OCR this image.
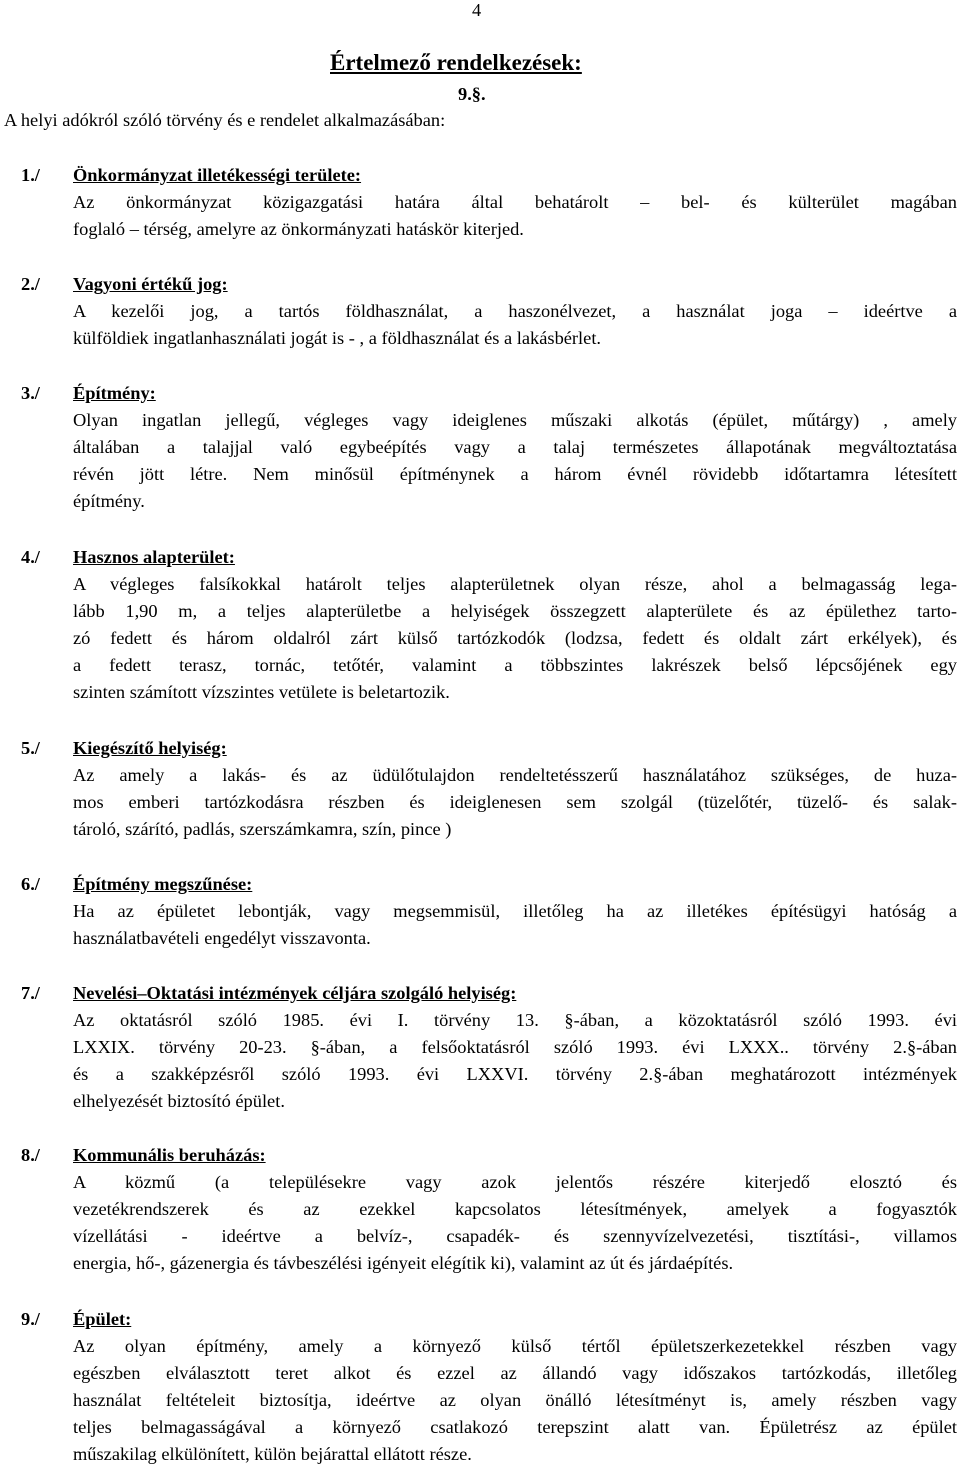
4
Értelmező rendelkezések:
9.§.
A helyi adókról szóló törvény és e rendelet alkalmazásában:
1./ Önkormányzat illetékességi területe:
Az önkormányzat közigazgatási határa által behatárolt – bel- és külterület magában
foglaló – térség, amelyre az önkormányzati hatáskör kiterjed.
2./ Vagyoni értékű jog:
A kezelői jog, a tartós földhasználat, a haszonélvezet, a használat joga – ideértve a
külföldiek ingatlanhasználati jogát is - , a földhasználat és a lakásbérlet.
3./ Építmény:
Olyan ingatlan jellegű, végleges vagy ideiglenes műszaki alkotás (épület, műtárgy) , amely
általában a talajjal való egybeépítés vagy a talaj természetes állapotának megváltoztatása
révén jött létre. Nem minősül építménynek a három évnél rövidebb időtartamra létesített
építmény.
4./ Hasznos alapterület:
A végleges falsíkokkal határolt teljes alapterületnek olyan része, ahol a belmagasság lega-
lább 1,90 m, a teljes alapterületbe a helyiségek összegzett alapterülete és az épülethez tarto-
zó fedett és három oldalról zárt külső tartózkodók (lodzsa, fedett és oldalt zárt erkélyek), és
a fedett terasz, tornác, tetőtér, valamint a többszintes lakrészek belső lépcsőjének egy
szinten számított vízszintes vetülete is beletartozik.
5./ Kiegészítő helyiség:
Az amely a lakás- és az üdülőtulajdon rendeltetésszerű használatához szükséges, de huza-
mos emberi tartózkodásra részben és ideiglenesen sem szolgál (tüzelőtér, tüzelő- és salak-
tároló, szárító, padlás, szerszámkamra, szín, pince )
6./ Építmény megszűnése:
Ha az épületet lebontják, vagy megsemmisül, illetőleg ha az illetékes építésügyi hatóság a
használatbavételi engedélyt visszavonta.
7./ Nevelési–Oktatási intézmények céljára szolgáló helyiség:
Az oktatásról szóló 1985. évi I. törvény 13. §-ában, a közoktatásról szóló 1993. évi
LXXIX. törvény 20-23. §-ában, a felsőoktatásról szóló 1993. évi LXXX.. törvény 2.§-ában
és a szakképzésről szóló 1993. évi LXXVI. törvény 2.§-ában meghatározott intézmények
elhelyezését biztosító épület.
8./ Kommunális beruházás:
A közmű (a településekre vagy azok jelentős részére kiterjedő elosztó és
vezetékrendszerek és az ezekkel kapcsolatos létesítmények, amelyek a fogyasztók
vízellátási - ideértve a belvíz-, csapadék- és szennyvízelvezetési, tisztítási-, villamos
energia, hő-, gázenergia és távbeszélési igényeit elégítik ki), valamint az út és járdaépítés.
9./ Épület:
Az olyan építmény, amely a környező külső tértől épületszerkezetekkel részben vagy
egészben elválasztott teret alkot és ezzel az állandó vagy időszakos tartózkodás, illetőleg
használat feltételeit biztosítja, ideértve az olyan önálló létesítményt is, amely részben vagy
teljes belmagasságával a környező csatlakozó terepszint alatt van. Épületrész az épület
műszakilag elkülönített, külön bejárattal ellátott része.
